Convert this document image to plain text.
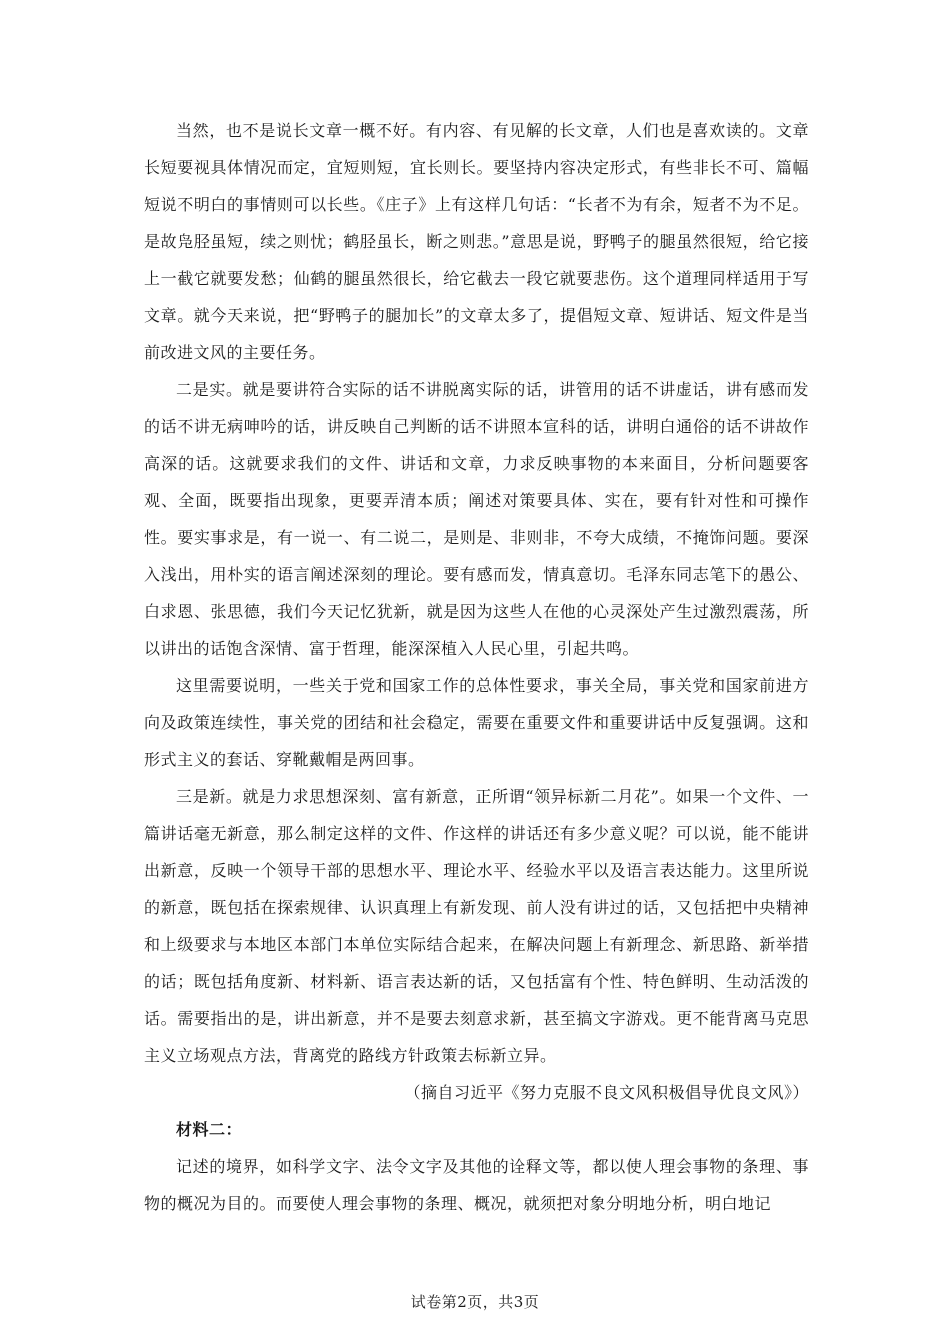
当然，也不是说长文章一概不好。有内容、有见解的长文章，人们也是喜欢读的。文章长短要视具体情况而定，宜短则短，宜长则长。要坚持内容决定形式，有些非长不可、篇幅短说不明白的事情则可以长些。《庄子》上有这样几句话：“长者不为有余，短者不为不足。是故凫胫虽短，续之则忧；鹤胫虽长，断之则悲。”意思是说，野鸭子的腿虽然很短，给它接上一截它就要发愁；仙鹤的腿虽然很长，给它截去一段它就要悲伤。这个道理同样适用于写文章。就今天来说，把“野鸭子的腿加长”的文章太多了，提倡短文章、短讲话、短文件是当前改进文风的主要任务。

二是实。就是要讲符合实际的话不讲脱离实际的话，讲管用的话不讲虚话，讲有感而发的话不讲无病呻吟的话，讲反映自己判断的话不讲照本宣科的话，讲明白通俗的话不讲故作高深的话。这就要求我们的文件、讲话和文章，力求反映事物的本来面目，分析问题要客观、全面，既要指出现象，更要弄清本质；阐述对策要具体、实在，要有针对性和可操作性。要实事求是，有一说一、有二说二，是则是、非则非，不夸大成绩，不掩饰问题。要深入浅出，用朴实的语言阐述深刻的理论。要有感而发，情真意切。毛泽东同志笔下的愚公、白求恩、张思德，我们今天记忆犹新，就是因为这些人在他的心灵深处产生过激烈震荡，所以讲出的话饱含深情、富于哲理，能深深植入人民心里，引起共鸣。

这里需要说明，一些关于党和国家工作的总体性要求，事关全局，事关党和国家前进方向及政策连续性，事关党的团结和社会稳定，需要在重要文件和重要讲话中反复强调。这和形式主义的套话、穿靴戴帽是两回事。

三是新。就是力求思想深刻、富有新意，正所谓“领异标新二月花”。如果一个文件、一篇讲话毫无新意，那么制定这样的文件、作这样的讲话还有多少意义呢？可以说，能不能讲出新意，反映一个领导干部的思想水平、理论水平、经验水平以及语言表达能力。这里所说的新意，既包括在探索规律、认识真理上有新发现、前人没有讲过的话，又包括把中央精神和上级要求与本地区本部门本单位实际结合起来，在解决问题上有新理念、新思路、新举措的话；既包括角度新、材料新、语言表达新的话，又包括富有个性、特色鲜明、生动活泼的话。需要指出的是，讲出新意，并不是要去刻意求新，甚至搞文字游戏。更不能背离马克思主义立场观点方法，背离党的路线方针政策去标新立异。

（摘自习近平《努力克服不良文风积极倡导优良文风》）

材料二：

记述的境界，如科学文字、法令文字及其他的诠释文等，都以使人理会事物的条理、事物的概况为目的。而要使人理会事物的条理、概况，就须把对象分明地分析，明白地记

试卷第2页，共3页
